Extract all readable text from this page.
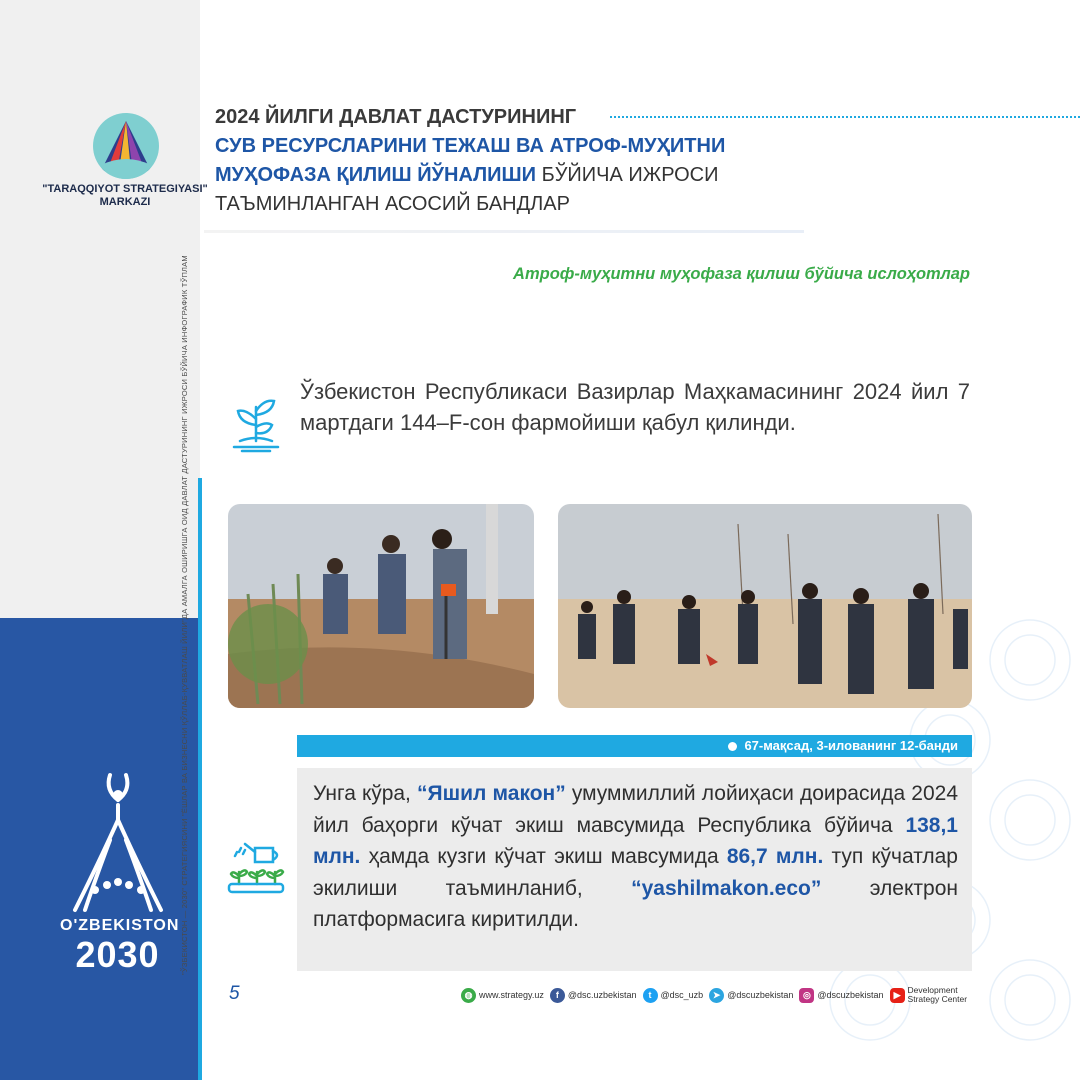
"TARAQQIYOT STRATEGIYASI"
MARKAZI
"ЎЗБЕКИСТОН — 2030" СТРАТЕГИЯСИНИ "ЁШЛАР ВА БИЗНЕСНИ ҚЎЛЛАБ-ҚУВВАТЛАШ ЙИЛИ"ДА АМАЛГА ОШИРИШГА ОИД ДАВЛАТ ДАСТУРИНИНГ ИЖРОСИ БЎЙИЧА ИНФОГРАФИК ТЎПЛАМ
O'ZBEKISTON
2030
2024 ЙИЛГИ ДАВЛАТ ДАСТУРИНИНГ
СУВ РЕСУРСЛАРИНИ ТЕЖАШ ВА АТРОФ-МУҲИТНИ
МУҲОФАЗА ҚИЛИШ ЙЎНАЛИШИ БЎЙИЧА ИЖРОСИ
ТАЪМИНЛАНГАН АСОСИЙ БАНДЛАР
Атроф-муҳитни муҳофаза қилиш бўйича ислоҳотлар
Ўзбекистон Республикаси Вазирлар Маҳкамасининг 2024 йил 7 мартдаги 144–F-сон фармойиши қабул қилинди.
67-мақсад, 3-илованинг 12-банди
Унга кўра, “Яшил макон” умуммиллий лойиҳаси доирасида 2024 йил баҳорги кўчат экиш мавсумида Республика бўйича 138,1 млн. ҳамда кузги кўчат экиш мавсумида 86,7 млн. туп кўчатлар экилиши таъминланиб, “yashilmakon.eco” электрон платформасига киритилди.
5	◍ www.strategy.uz	f	@dsc.uzbekistan	t	@dsc_uzb	➤ @dscuzbekistan	◎ @dscuzbekistan	▶ Development
Strategy Center
